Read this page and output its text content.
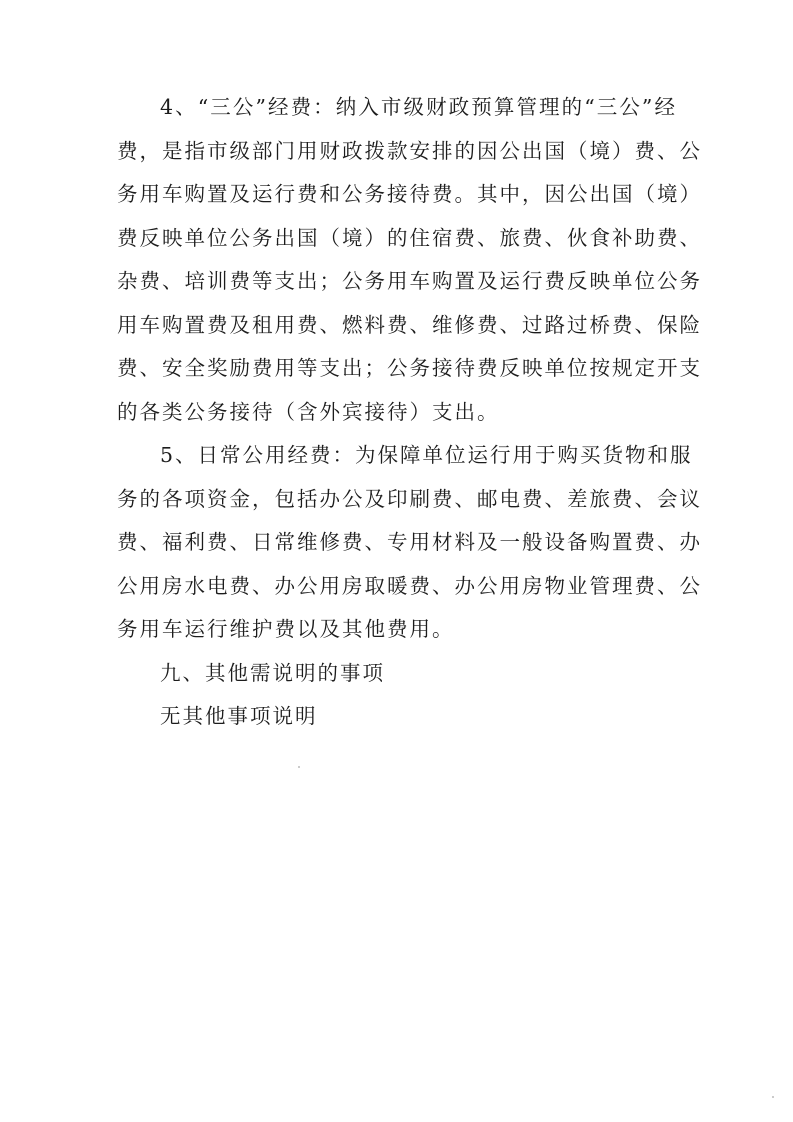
4、“三公”经费：纳入市级财政预算管理的“三公”经
费，是指市级部门用财政拨款安排的因公出国（境）费、公
务用车购置及运行费和公务接待费。其中，因公出国（境）
费反映单位公务出国（境）的住宿费、旅费、伙食补助费、
杂费、培训费等支出；公务用车购置及运行费反映单位公务
用车购置费及租用费、燃料费、维修费、过路过桥费、保险
费、安全奖励费用等支出；公务接待费反映单位按规定开支
的各类公务接待（含外宾接待）支出。
5、日常公用经费：为保障单位运行用于购买货物和服
务的各项资金，包括办公及印刷费、邮电费、差旅费、会议
费、福利费、日常维修费、专用材料及一般设备购置费、办
公用房水电费、办公用房取暖费、办公用房物业管理费、公
务用车运行维护费以及其他费用。

九、其他需说明的事项

无其他事项说明
